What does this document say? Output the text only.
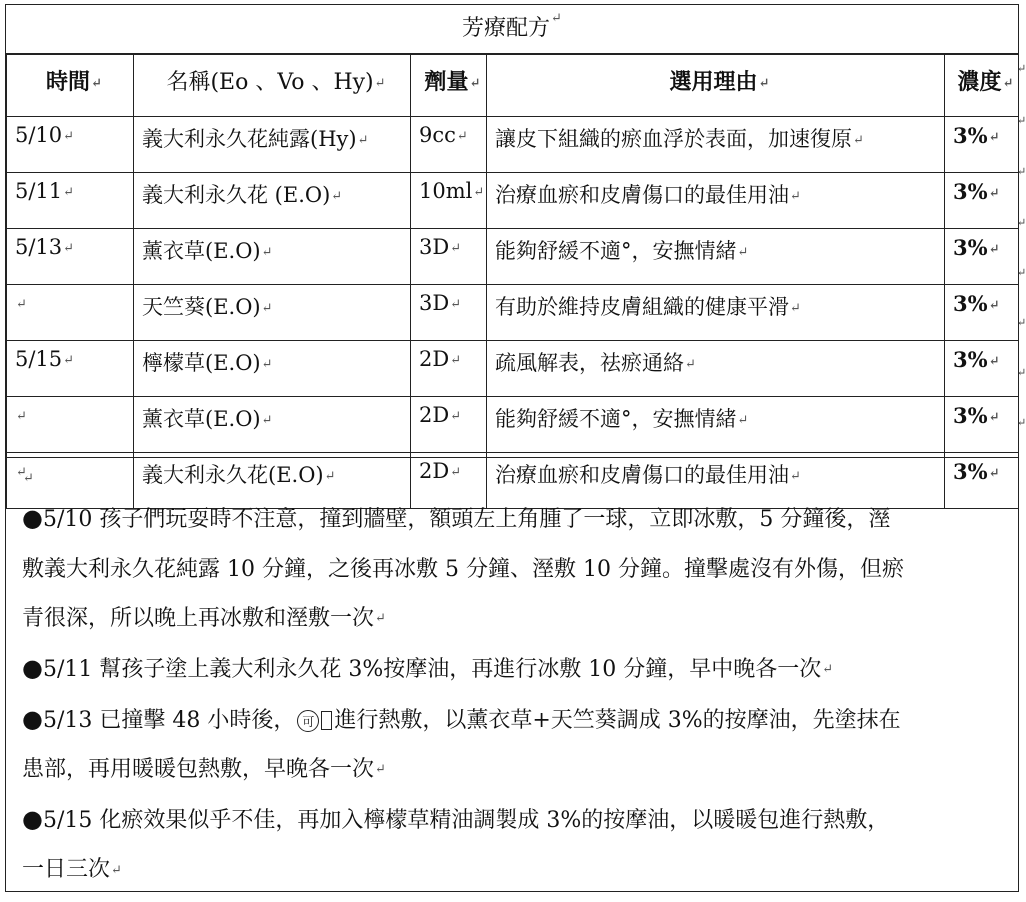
芳療配方 ↵
時間↵	名稱(Eo 、Vo 、Hy)↵	劑量↵	選用理由↵	濃度↵
5/10↵	義大利永久花純露(Hy)↵	9cc↵	讓皮下組織的瘀血浮於表面，加速復原↵	3%↵
5/11↵	義大利永久花 (E.O)↵	10ml↵	治療血瘀和皮膚傷口的最佳用油↵	3%↵
5/13↵	薰衣草(E.O)↵	3D↵	能夠舒緩不適°，安撫情緒↵	3%↵
↵	天竺葵(E.O)↵	3D↵	有助於維持皮膚組織的健康平滑↵	3%↵
5/15↵	檸檬草(E.O)↵	2D↵	疏風解表，祛瘀通絡↵	3%↵
↵	薰衣草(E.O)↵	2D↵	能夠舒緩不適°，安撫情緒↵	3%↵
↵	義大利永久花(E.O)↵	2D↵	治療血瘀和皮膚傷口的最佳用油↵	3%↵
↵

●5/10 孩子們玩耍時不注意，撞到牆壁，額頭左上角腫了一球，立即冰敷，5 分鐘後，溼
敷義大利永久花純露 10 分鐘，之後再冰敷 5 分鐘、溼敷 10 分鐘。撞擊處沒有外傷，但瘀
青很深，所以晚上再冰敷和溼敷一次↵

●5/11 幫孩子塗上義大利永久花 3%按摩油，再進行冰敷 10 分鐘，早中晚各一次↵

●5/13 已撞擊 48 小時後， 可 進行熱敷，以薰衣草+天竺葵調成 3%的按摩油，先塗抹在
患部，再用暖暖包熱敷，早晚各一次↵

●5/15 化瘀效果似乎不佳，再加入檸檬草精油調製成 3%的按摩油，以暖暖包進行熱敷，
一日三次↵

↵
↵
↵
↵
↵
↵
↵
↵
